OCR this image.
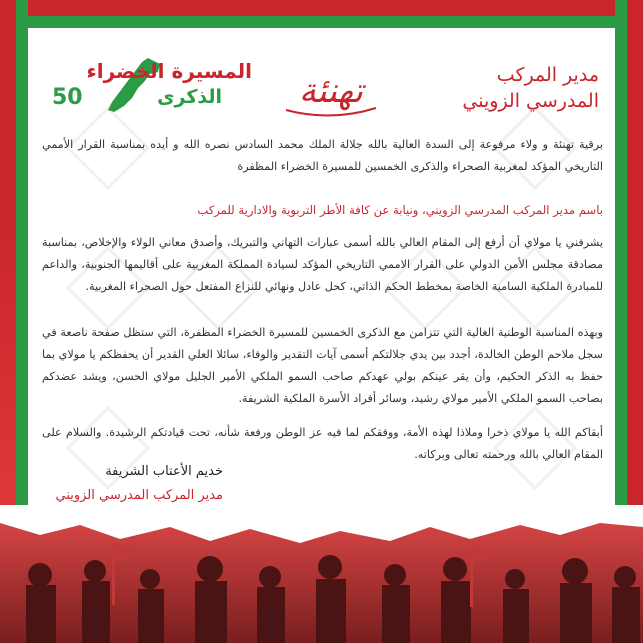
مدير المركب
المدرسي الزويني
تهنئة
المسيرة الخضراء
الذكرى
50
برقية تهنئة و ولاء مرفوعة إلى السدة العالية بالله جلالة الملك محمد السادس نصره الله و أيده بمناسبة القرار الأممي التاريخي المؤكد لمغربية الصحراء والذكرى الخمسين للمسيرة الخضراء المظفرة
باسم مدير المركب المدرسي الزويني، ونيابة عن كافة الأطر التربوية والادارية للمركب
يشرفني يا مولاي أن أرفع إلى المقام العالي بالله أسمى عبارات التهاني والتبريك، وأصدق معاني الولاء والإخلاص، بمناسبة مصادقة مجلس الأمن الدولي على القرار الاممي التاريخي المؤكد لسيادة المملكة المغربية على أقاليمها الجنوبية، والداعم للمبادرة الملكية السامية الخاصة بمخطط الحكم الذاتي، كحل عادل ونهائي للنزاع المفتعل حول الصحراء المغربية.
وبهذه المناسبة الوطنية الغالية التي تتزامن مع الذكرى الخمسين للمسيرة الخضراء المظفرة، التي ستظل صفحة ناصعة في سجل ملاحم الوطن الخالدة، أجدد بين يدي جلالتكم أسمى آيات التقدير والوفاء، سائلا العلي القدير أن يحفظكم يا مولاي بما حفظ به الذكر الحكيم، وأن يقر عينكم بولي عهدكم صاحب السمو الملكي الأمير الجليل مولاي الحسن، ويشد عضدكم بصاحب السمو الملكي الأمير مولاي رشيد، وسائر أفراد الأسرة الملكية الشريفة.
أبقاكم الله يا مولاي ذخرا وملاذا لهذه الأمة، ووفقكم لما فيه عز الوطن ورفعة شأنه، تحت قيادتكم الرشيدة. والسلام على المقام العالي بالله ورحمته تعالى وبركاته.
خديم الأعتاب الشريفة
مدير المركب المدرسي الزويني
